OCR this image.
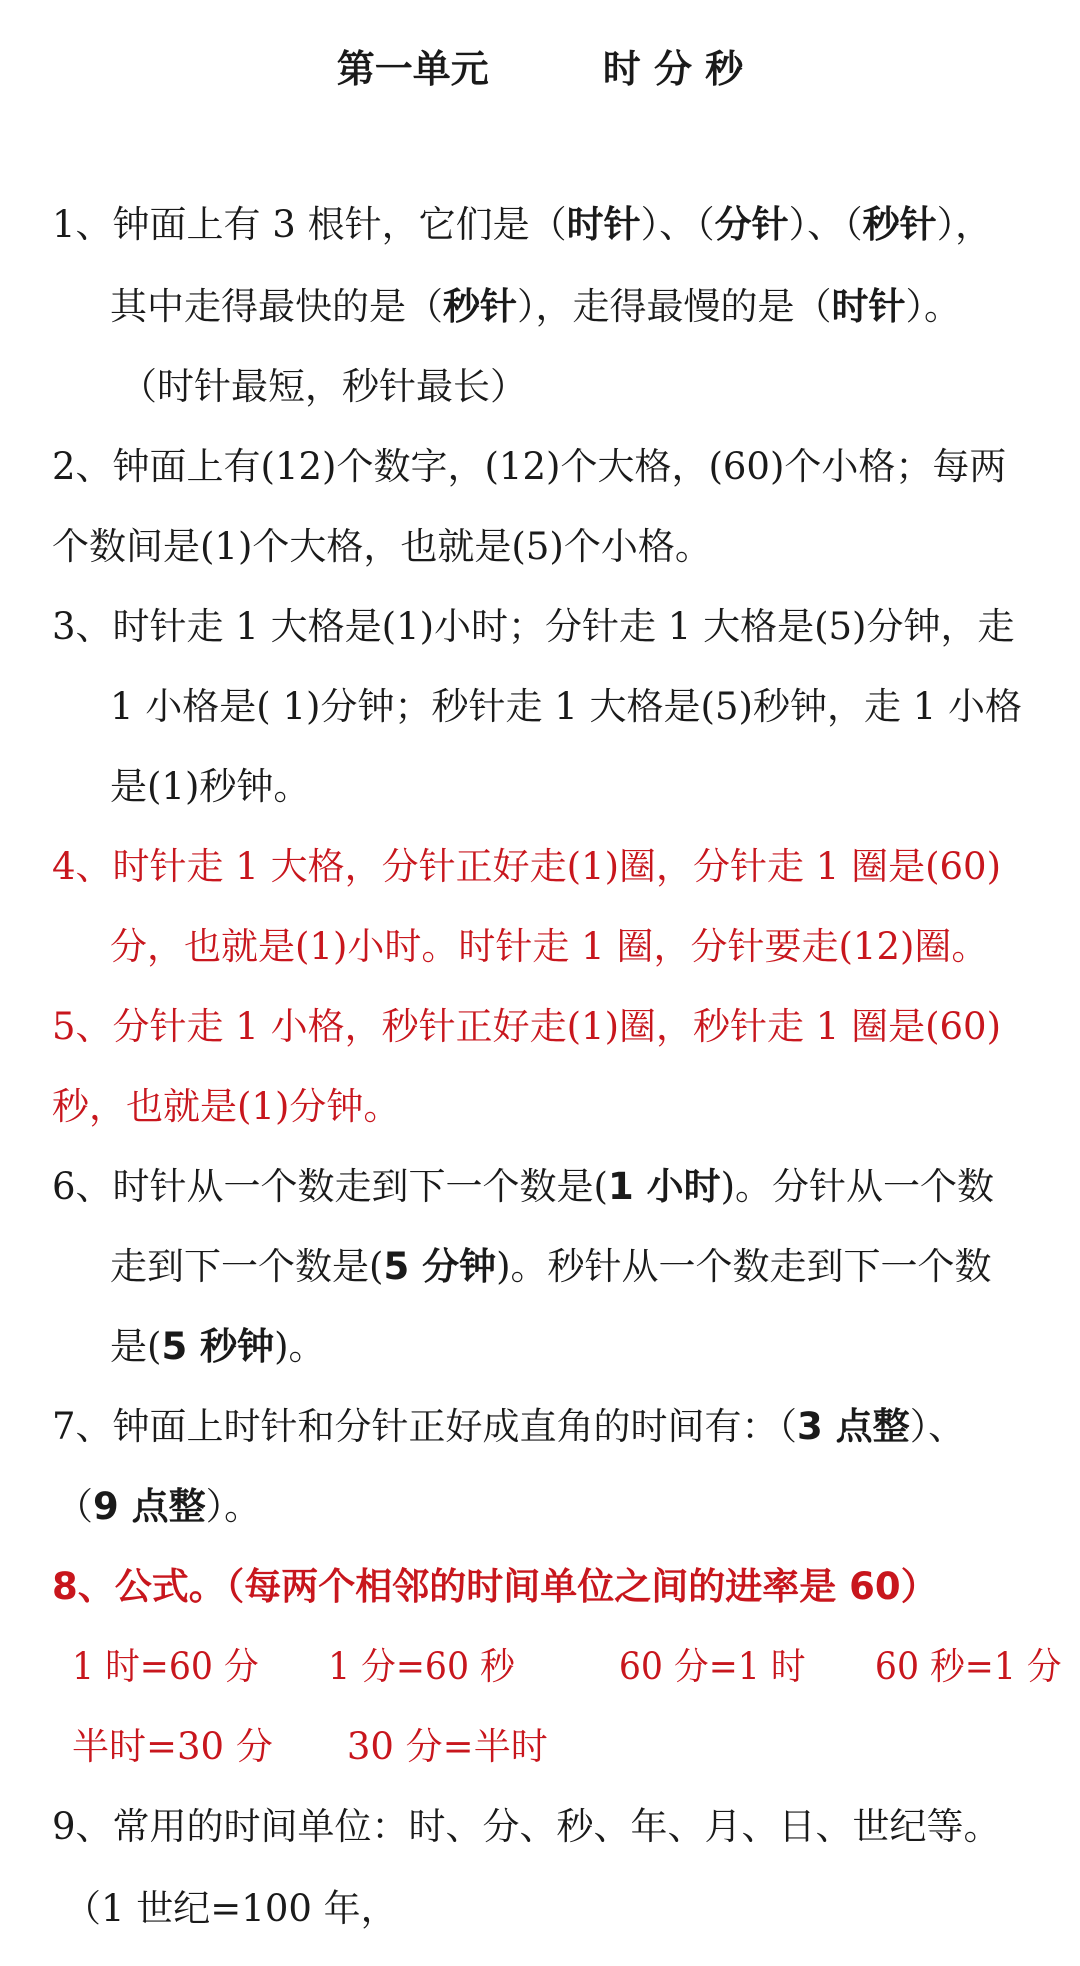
第一单元　　　时 分 秒
1、钟面上有 3 根针，它们是（时针）、（分针）、（秒针），
其中走得最快的是（秒针），走得最慢的是（时针）。
（时针最短，秒针最长）
2、钟面上有(12)个数字，(12)个大格，(60)个小格；每两
个数间是(1)个大格，也就是(5)个小格。
3、时针走 1 大格是(1)小时；分针走 1 大格是(5)分钟，走
1 小格是( 1)分钟；秒针走 1 大格是(5)秒钟，走 1 小格
是(1)秒钟。
4、时针走 1 大格，分针正好走(1)圈，分针走 1 圈是(60)
分，也就是(1)小时。时针走 1 圈，分针要走(12)圈。
5、分针走 1 小格，秒针正好走(1)圈，秒针走 1 圈是(60)
秒，也就是(1)分钟。
6、时针从一个数走到下一个数是(1 小时)。分针从一个数
走到下一个数是(5 分钟)。秒针从一个数走到下一个数
是(5 秒钟)。
7、钟面上时针和分针正好成直角的时间有：（3 点整）、
（9 点整）。
8、公式。（每两个相邻的时间单位之间的进率是 60）
1 时=60 分　　1 分=60 秒　　　60 分=1 时　　60 秒=1 分
半时=30 分　　30 分=半时
9、常用的时间单位：时、分、秒、年、月、日、世纪等。
（1 世纪=100 年，
